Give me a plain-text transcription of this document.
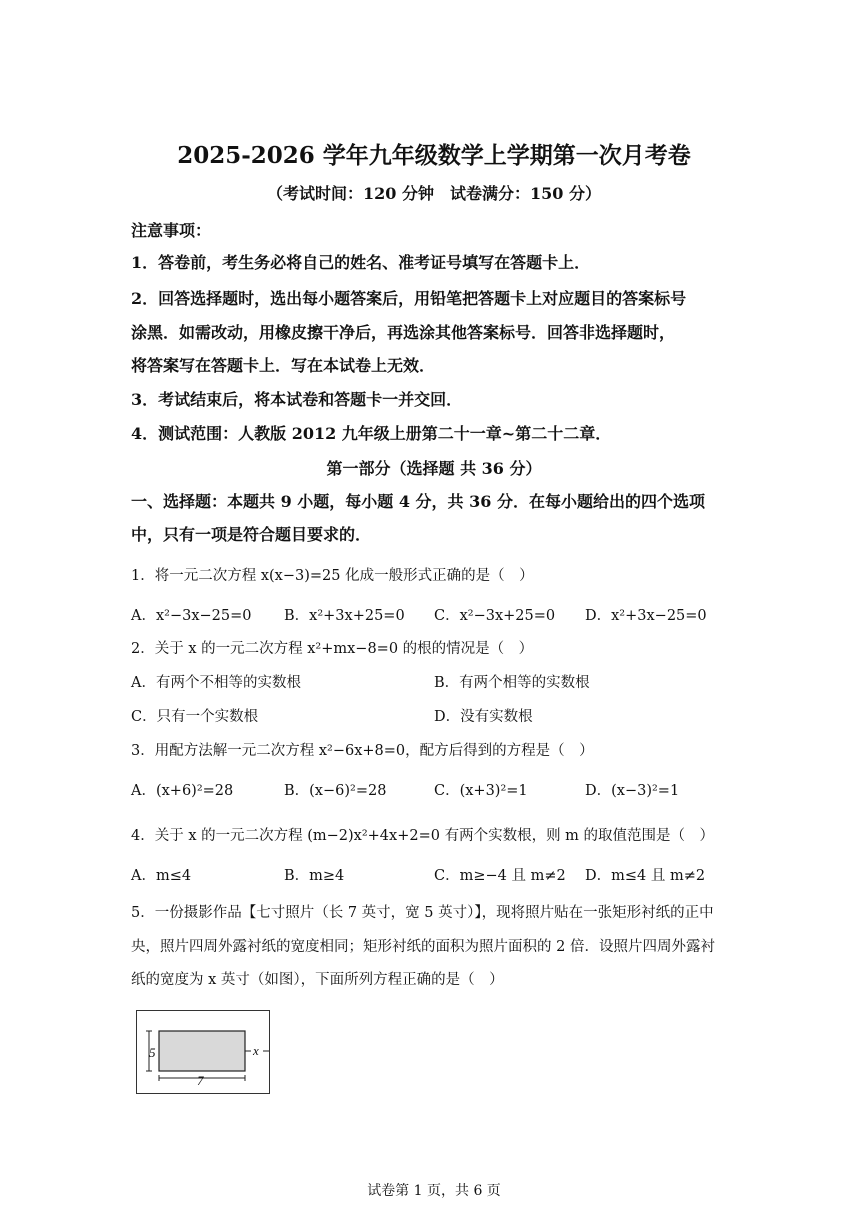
2025-2026 学年九年级数学上学期第一次月考卷
（考试时间：120 分钟　试卷满分：150 分）
注意事项：
1．答卷前，考生务必将自己的姓名、准考证号填写在答题卡上．
2．回答选择题时，选出每小题答案后，用铅笔把答题卡上对应题目的答案标号
涂黑．如需改动，用橡皮擦干净后，再选涂其他答案标号．回答非选择题时，
将答案写在答题卡上．写在本试卷上无效．
3．考试结束后，将本试卷和答题卡一并交回．
4．测试范围：人教版 2012 九年级上册第二十一章~第二十二章．
第一部分（选择题 共 36 分）
一、选择题：本题共 9 小题，每小题 4 分，共 36 分．在每小题给出的四个选项
中，只有一项是符合题目要求的．
1．将一元二次方程 x(x−3)=25 化成一般形式正确的是（　）
A．x²−3x−25=0 B．x²+3x+25=0 C．x²−3x+25=0 D．x²+3x−25=0
2．关于 x 的一元二次方程 x²+mx−8=0 的根的情况是（　）
A．有两个不相等的实数根	B．有两个相等的实数根
C．只有一个实数根	D．没有实数根
3．用配方法解一元二次方程 x²−6x+8=0，配方后得到的方程是（　）
A．(x+6)²=28	B．(x−6)²=28	C．(x+3)²=1	D．(x−3)²=1
4．关于 x 的一元二次方程 (m−2)x²+4x+2=0 有两个实数根，则 m 的取值范围是（　）
A．m≤4	B．m≥4	C．m≥−4 且 m≠2 D．m≤4 且 m≠2
5．一份摄影作品【七寸照片（长 7 英寸，宽 5 英寸）】，现将照片贴在一张矩形衬纸的正中
央，照片四周外露衬纸的宽度相同；矩形衬纸的面积为照片面积的 2 倍．设照片四周外露衬
纸的宽度为 x 英寸（如图），下面所列方程正确的是（　）
5
7
x
试卷第 1 页，共 6 页
